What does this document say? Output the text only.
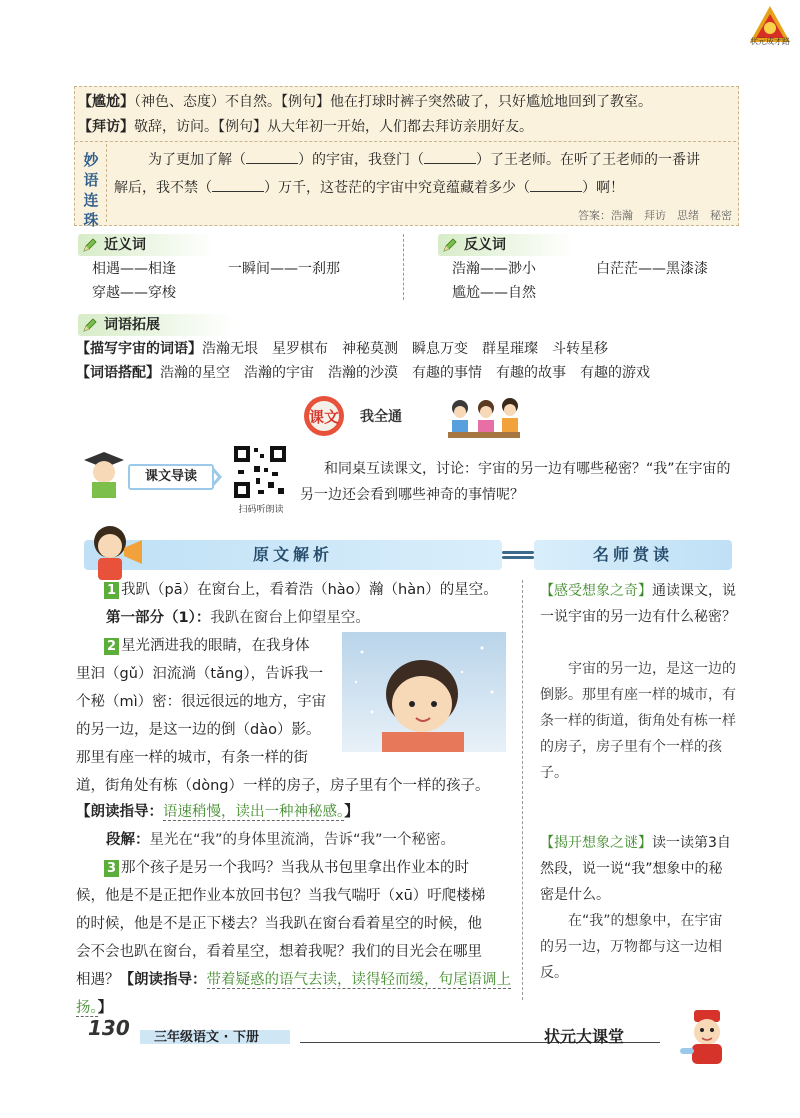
状元成才路
【尴尬】（神色、态度）不自然。【例句】他在打球时裤子突然破了，只好尴尬地回到了教室。
【拜访】敬辞，访问。【例句】从大年初一开始，人们都去拜访亲朋好友。
妙
语
连
珠
为了更加了解（	）的宇宙，我登门（	）了王老师。在听了王老师的一番讲
解后，我不禁（	）万千，这苍茫的宇宙中究竟蕴藏着多少（	）啊！
答案：浩瀚　拜访　思绪　秘密
近义词
相遇——相逢	一瞬间——一刹那
穿越——穿梭
反义词
浩瀚——渺小	白茫茫——黑漆漆
尴尬——自然
词语拓展
【描写宇宙的词语】浩瀚无垠　星罗棋布　神秘莫测　瞬息万变　群星璀璨　斗转星移
【词语搭配】浩瀚的星空　浩瀚的宇宙　浩瀚的沙漠　有趣的事情　有趣的故事　有趣的游戏
课文	我全通
课文导读
扫码听朗读
和同桌互读课文，讨论：宇宙的另一边有哪些秘密？“我”在宇宙的另一边还会看到哪些神奇的事情呢？
原文解析	名师赏读
1 我趴（pā）在窗台上，看着浩（hào）瀚（hàn）的星空。
第一部分（1）：我趴在窗台上仰望星空。
2 星光洒进我的眼睛，在我身体
里汩（gǔ）汩流淌（tǎng），告诉我一
个秘（mì）密：很远很远的地方，宇宙
的另一边，是这一边的倒（dào）影。
那里有座一样的城市，有条一样的街
道，街角处有栋（dòng）一样的房子，房子里有个一样的孩子。
【朗读指导：语速稍慢，读出一种神秘感。】
段解：星光在“我”的身体里流淌，告诉“我”一个秘密。
3 那个孩子是另一个我吗？当我从书包里拿出作业本的时
候，他是不是正把作业本放回书包？当我气喘吁（xū）吁爬楼梯
的时候，他是不是正下楼去？当我趴在窗台看着星空的时候，他
会不会也趴在窗台，看着星空，想着我呢？我们的目光会在哪里
相遇？【朗读指导：带着疑惑的语气去读，读得轻而缓，句尾语调上扬。】
【感受想象之奇】通读课文，说一说宇宙的另一边有什么秘密？
宇宙的另一边，是这一边的倒影。那里有座一样的城市，有条一样的街道，街角处有栋一样的房子，房子里有个一样的孩子。
【揭开想象之谜】读一读第3自然段，说一说“我”想象中的秘密是什么。
在“我”的想象中，在宇宙的另一边，万物都与这一边相反。
130	三年级语文 · 下册	状元大课堂
